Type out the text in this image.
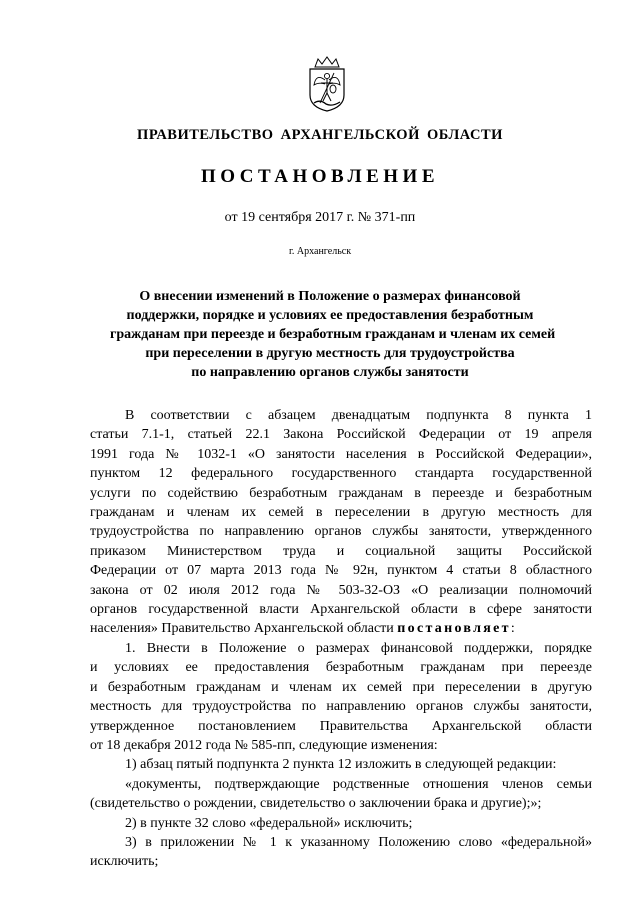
ПРАВИТЕЛЬСТВО АРХАНГЕЛЬСКОЙ ОБЛАСТИ
ПОСТАНОВЛЕНИЕ
от 19 сентября 2017 г. № 371-пп
г. Архангельск
О внесении изменений в Положение о размерах финансовой
поддержки, порядке и условиях ее предоставления безработным
гражданам при переезде и безработным гражданам и членам их семей
при переселении в другую местность для трудоустройства
по направлению органов службы занятости
В соответствии с абзацем двенадцатым подпункта 8 пункта 1
статьи 7.1-1, статьей 22.1 Закона Российской Федерации от 19 апреля
1991 года № 1032-1 «О занятости населения в Российской Федерации»,
пунктом 12 федерального государственного стандарта государственной
услуги по содействию безработным гражданам в переезде и безработным
гражданам и членам их семей в переселении в другую местность для
трудоустройства по направлению органов службы занятости, утвержденного
приказом Министерством труда и социальной защиты Российской
Федерации от 07 марта 2013 года № 92н, пунктом 4 статьи 8 областного
закона от 02 июля 2012 года № 503-32-ОЗ «О реализации полномочий
органов государственной власти Архангельской области в сфере занятости
населения» Правительство Архангельской области постановляет:
1. Внести в Положение о размерах финансовой поддержки, порядке
и условиях ее предоставления безработным гражданам при переезде
и безработным гражданам и членам их семей при переселении в другую
местность для трудоустройства по направлению органов службы занятости,
утвержденное постановлением Правительства Архангельской области
от 18 декабря 2012 года № 585-пп, следующие изменения:
1) абзац пятый подпункта 2 пункта 12 изложить в следующей редакции:
«документы, подтверждающие родственные отношения членов семьи
(свидетельство о рождении, свидетельство о заключении брака и другие);»;
2) в пункте 32 слово «федеральной» исключить;
3) в приложении № 1 к указанному Положению слово «федеральной»
исключить;
